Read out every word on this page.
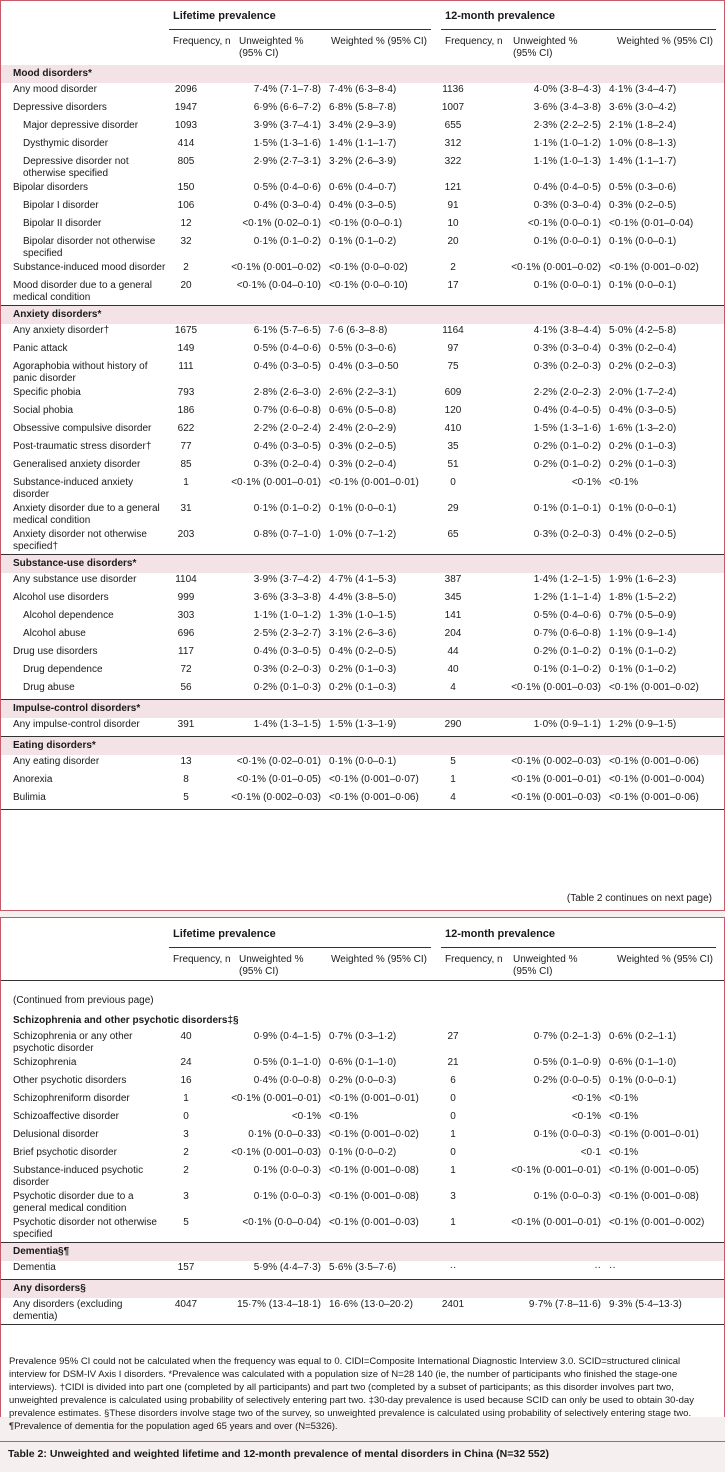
Lifetime prevalence	12-month prevalence
Frequency, n Unweighted % (95% CI)
Weighted % (95% CI)	Frequency, n Unweighted % (95% CI)
Weighted % (95% CI)
Mood disorders*						
Any mood disorder	2096	7·4% (7·1–7·8)	7·4% (6·3–8·4)	1136	4·0% (3·8–4·3)	4·1% (3·4–4·7)
Depressive disorders	1947	6·9% (6·6–7·2)	6·8% (5·8–7·8)	1007	3·6% (3·4–3·8)	3·6% (3·0–4·2)
Major depressive disorder	1093	3·9% (3·7–4·1)	3·4% (2·9–3·9)	655	2·3% (2·2–2·5)	2·1% (1·8–2·4)
Dysthymic disorder	414	1·5% (1·3–1·6)	1·4% (1·1–1·7)	312	1·1% (1·0–1·2)	1·0% (0·8–1·3)
Depressive disorder not otherwise specified	805	2·9% (2·7–3·1)	3·2% (2·6–3·9)	322	1·1% (1·0–1·3)	1·4% (1·1–1·7)
Bipolar disorders	150	0·5% (0·4–0·6)	0·6% (0·4–0·7)	121	0·4% (0·4–0·5)	0·5% (0·3–0·6)
Bipolar I disorder	106	0·4% (0·3–0·4)	0·4% (0·3–0·5)	91	0·3% (0·3–0·4)	0·3% (0·2–0·5)
Bipolar II disorder	12	<0·1% (0·02–0·1)	<0·1% (0·0–0·1)	10	<0·1% (0·0–0·1)	<0·1% (0·01–0·04)
Bipolar disorder not otherwise specified	32	0·1% (0·1–0·2)	0·1% (0·1–0·2)	20	0·1% (0·0–0·1)	0·1% (0·0–0·1)
Substance-induced mood disorder	2	<0·1% (0·001–0·02)	<0·1% (0·0–0·02)	2	<0·1% (0·001–0·02)	<0·1% (0·001–0·02)
Mood disorder due to a general medical condition	20	<0·1% (0·04–0·10)	<0·1% (0·0–0·10)	17	0·1% (0·0–0·1)	0·1% (0·0–0·1)
Anxiety disorders*						
Any anxiety disorder†	1675	6·1% (5·7–6·5)	7·6 (6·3–8·8)	1164	4·1% (3·8–4·4)	5·0% (4·2–5·8)
Panic attack	149	0·5% (0·4–0·6)	0·5% (0·3–0·6)	97	0·3% (0·3–0·4)	0·3% (0·2–0·4)
Agoraphobia without history of panic disorder	111	0·4% (0·3–0·5)	0·4% (0·3–0·50	75	0·3% (0·2–0·3)	0·2% (0·2–0·3)
Specific phobia	793	2·8% (2·6–3·0)	2·6% (2·2–3·1)	609	2·2% (2·0–2·3)	2·0% (1·7–2·4)
Social phobia	186	0·7% (0·6–0·8)	0·6% (0·5–0·8)	120	0·4% (0·4–0·5)	0·4% (0·3–0·5)
Obsessive compulsive disorder	622	2·2% (2·0–2·4)	2·4% (2·0–2·9)	410	1·5% (1·3–1·6)	1·6% (1·3–2·0)
Post-traumatic stress disorder†	77	0·4% (0·3–0·5)	0·3% (0·2–0·5)	35	0·2% (0·1–0·2)	0·2% (0·1–0·3)
Generalised anxiety disorder	85	0·3% (0·2–0·4)	0·3% (0·2–0·4)	51	0·2% (0·1–0·2)	0·2% (0·1–0·3)
Substance-induced anxiety disorder	1	<0·1% (0·001–0·01)	<0·1% (0·001–0·01)	0	<0·1%	<0·1%
Anxiety disorder due to a general medical condition	31	0·1% (0·1–0·2)	0·1% (0·0–0·1)	29	0·1% (0·1–0·1)	0·1% (0·0–0·1)
Anxiety disorder not otherwise specified†	203	0·8% (0·7–1·0)	1·0% (0·7–1·2)	65	0·3% (0·2–0·3)	0·4% (0·2–0·5)
Substance-use disorders*						
Any substance use disorder	1104	3·9% (3·7–4·2)	4·7% (4·1–5·3)	387	1·4% (1·2–1·5)	1·9% (1·6–2·3)
Alcohol use disorders	999	3·6% (3·3–3·8)	4·4% (3·8–5·0)	345	1·2% (1·1–1·4)	1·8% (1·5–2·2)
Alcohol dependence	303	1·1% (1·0–1·2)	1·3% (1·0–1·5)	141	0·5% (0·4–0·6)	0·7% (0·5–0·9)
Alcohol abuse	696	2·5% (2·3–2·7)	3·1% (2·6–3·6)	204	0·7% (0·6–0·8)	1·1% (0·9–1·4)
Drug use disorders	117	0·4% (0·3–0·5)	0·4% (0·2–0·5)	44	0·2% (0·1–0·2)	0·1% (0·1–0·2)
Drug dependence	72	0·3% (0·2–0·3)	0·2% (0·1–0·3)	40	0·1% (0·1–0·2)	0·1% (0·1–0·2)
Drug abuse	56	0·2% (0·1–0·3)	0·2% (0·1–0·3)	4	<0·1% (0·001–0·03)	<0·1% (0·001–0·02)
Impulse-control disorders*						
Any impulse-control disorder	391	1·4% (1·3–1·5)	1·5% (1·3–1·9)	290	1·0% (0·9–1·1)	1·2% (0·9–1·5)
Eating disorders*						
Any eating disorder	13	<0·1% (0·02–0·01)	0·1% (0·0–0·1)	5	<0·1% (0·002–0·03)	<0·1% (0·001–0·06)
Anorexia	8	<0·1% (0·01–0·05)	<0·1% (0·001–0·07)	1	<0·1% (0·001–0·01)	<0·1% (0·001–0·004)
Bulimia	5	<0·1% (0·002–0·03)	<0·1% (0·001–0·06)	4	<0·1% (0·001–0·03)	<0·1% (0·001–0·06)
(Table 2 continues on next page)
Lifetime prevalence	12-month prevalence
Frequency, n Unweighted % (95% CI)
Weighted % (95% CI)	Frequency, n Unweighted % (95% CI)
Weighted % (95% CI)
(Continued from previous page)
Schizophrenia and other psychotic disorders‡§						
Schizophrenia or any other psychotic disorder	40	0·9% (0·4–1·5)	0·7% (0·3–1·2)	27	0·7% (0·2–1·3)	0·6% (0·2–1·1)
Schizophrenia	24	0·5% (0·1–1·0)	0·6% (0·1–1·0)	21	0·5% (0·1–0·9)	0·6% (0·1–1·0)
Other psychotic disorders	16	0·4% (0·0–0·8)	0·2% (0·0–0·3)	6	0·2% (0·0–0·5)	0·1% (0·0–0·1)
Schizophreniform disorder	1	<0·1% (0·001–0·01)	<0·1% (0·001–0·01)	0	<0·1%	<0·1%
Schizoaffective disorder	0	<0·1%	<0·1%	0	<0·1%	<0·1%
Delusional disorder	3	0·1% (0·0–0·33)	<0·1% (0·001–0·02)	1	0·1% (0·0–0·3)	<0·1% (0·001–0·01)
Brief psychotic disorder	2	<0·1% (0·001–0·03)	0·1% (0·0–0·2)	0	<0·1	<0·1%
Substance-induced psychotic disorder	2	0·1% (0·0–0·3)	<0·1% (0·001–0·08)	1	<0·1% (0·001–0·01)	<0·1% (0·001–0·05)
Psychotic disorder due to a general medical condition	3	0·1% (0·0–0·3)	<0·1% (0·001–0·08)	3	0·1% (0·0–0·3)	<0·1% (0·001–0·08)
Psychotic disorder not otherwise specified	5	<0·1% (0·0–0·04)	<0·1% (0·001–0·03)	1	<0·1% (0·001–0·01)	<0·1% (0·001–0·002)
Dementia§¶						
Dementia	157	5·9% (4·4–7·3)	5·6% (3·5–7·6)	··	··	··
Any disorders§						
Any disorders (excluding dementia)	4047	15·7% (13·4–18·1)	16·6% (13·0–20·2)	2401	9·7% (7·8–11·6)	9·3% (5·4–13·3)
Prevalence 95% CI could not be calculated when the frequency was equal to 0. CIDI=Composite International Diagnostic Interview 3.0. SCID=structured clinical interview for DSM-IV Axis I disorders. *Prevalence was calculated with a population size of N=28 140 (ie, the number of participants who finished the stage-one interviews). †CIDI is divided into part one (completed by all participants) and part two (completed by a subset of participants; as this disorder involves part two, unweighted prevalence is calculated using probability of selectively entering part two. ‡30-day prevalence is used because SCID can only be used to obtain 30-day prevalence estimates. §These disorders involve stage two of the survey, so unweighted prevalence is calculated using probability of selectively entering stage two. ¶Prevalence of dementia for the population aged 65 years and over (N=5326).
Table 2: Unweighted and weighted lifetime and 12-month prevalence of mental disorders in China (N=32 552)
